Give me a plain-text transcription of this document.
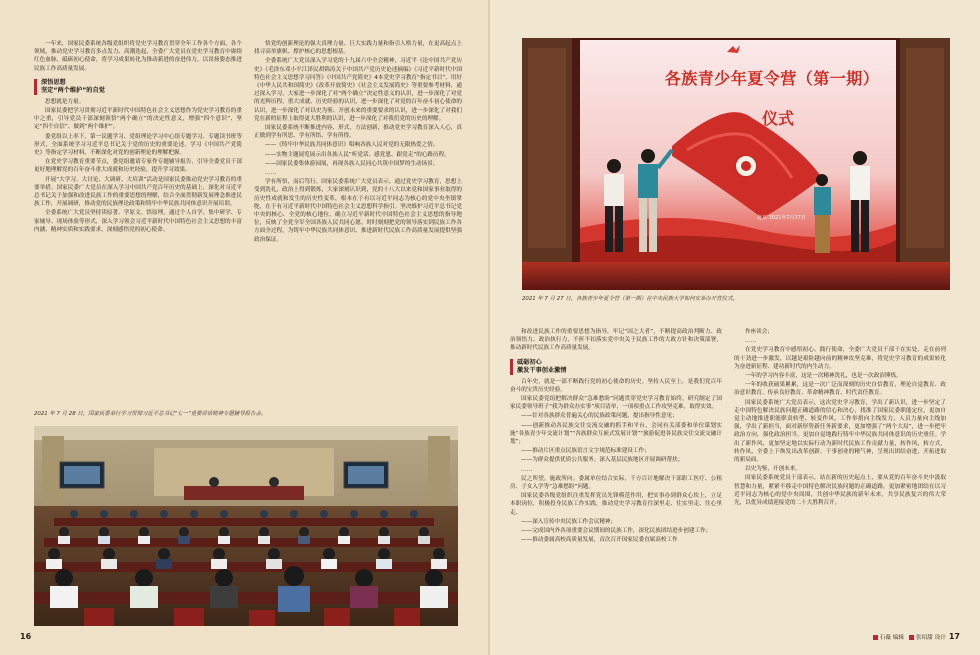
一年来，国家民委系统各级党组织将党史学习教育贯穿全年工作各个方面、各个领域，推动党史学习教育多点发力、高潮迭起，全委广大党员在党史学习教育中赓续红色血脉、砥砺初心使命，将学习成果转化为推动新进的奋进伟力，以昂扬姿态推进民族工作高质量发展。

深悟思想
坚定“两个维护”的自觉

思想就是力量。

国家民委把学习贯彻习近平新时代中国特色社会主义思想作为党史学习教育的重中之重，引导党员干部深刻领悟“两个确立”的决定性意义，增强“四个意识”、坚定“四个自信”、做到“两个维护”。

委党组以上率下，第一议题学习、党组理论学习中心组专题学习、专题读书班等形式，全面系统学习习近平总书记关于党的历史的重要论述，学习《中国共产党简史》等指定学习材料，不断深化对党的创新理论的理解把握。

在党史学习教育重要节点，委党组邀请专家作专题辅导报告，引导全委党员干部更好地理解党的百年奋斗重大成就和历史经验，提升学习效果。

开展“大学习、大讨论、大调研、大培训”活动是国家民委推动党史学习教育的重要举措。国家民委广大党员在深入学习中国共产党百年历史的基础上，深化对习近平总书记关于加强和改进民族工作的重要思想的理解，结合全面贯彻新发展理念推进民族工作，开展调研，推动党的民族理论政策和铸牢中华民族共同体意识开展培训。

全委系统广大党员坚持读原著、学原文、悟原理，通过个人自学、集中研学、专家辅导、现场体验等形式，深入学习领会习近平新时代中国特色社会主义思想的丰富内涵、精神实质和实践要求，深刻感悟党的初心使命。

悟党的创新理论的强大真理力量、巨大实践力量和指引人格力量，在更高起点上找寻高举旗帜、撑护核心的思想根基。

全委系统广大党员深入学习党的十九届六中全会精神，习近平《论中国共产党历史》《毛泽东邓小平江泽民胡锦涛关于中国共产党历史论述摘编》《习近平新时代中国特色社会主义思想学习问答》《中国共产党简史》4本党史学习教育“指定书目”，用好《中华人民共和国简史》《改革开放简史》《社会主义发展简史》等重要参考材料，通过深入学习，大家进一步深化了对“两个确立”决定性意义的认识，进一步深化了对党的光辉历程、重大成就、历史经验的认识，进一步深化了对党的百年奋斗初心使命的认识，进一步深化了对以史为鉴、开创未来的重要要求的认识，进一步深化了对我们党在新的征程上取得更大胜利的认识，进一步深化了对我们党的历史的理解。

国家民委系统不断推进内容、形式、方法创新，推动党史学习教育深入人心，真正做到学有所思、学有所悟、学有所得。

——《铸牢中华民族共同体意识》唱响各族人民对党的无限热爱之情。

——实物主题展览展示出各族人民“听党话、感党恩、跟党走”的心路历程。

——国家民委集体游园展，再现各族人民同心共筑中国梦的生动场景。

……

学有所悟，而后笃行。国家民委系统广大党员表示，通过党史学习教育，思想上受到洗礼，政治上得到锻炼，大家深刻认识到，党的十八大以来党和国家事业取得的历史性成就和发生的历史性变革，根本在于有以习近平同志为核心的党中央坐镇掌舵，在于有习近平新时代中国特色社会主义思想科学指引。坚决维护习近平总书记党中央的核心、全党的核心地位，确立习近平新时代中国特色社会主义思想的指导地位，反映了全党全军全国各族人民共同心愿。时时刻刻把党的领导落实到民族工作各方面全过程，为铸牢中华民族共同体意识、推进新时代民族工作高质量发展提供坚强政治保证。

2021 年 7 月 28 日，国家民委举行学习贯彻习近平总书记“七一”重要讲话精神专题辅导报告会。
16
各族青少年夏令营（第一期）
仪式
北京·2021年7月27日
2021 年 7 月 27 日，各族青少年夏令营（第一期）在中央民族大学如何安举办开营仪式。

和改进民族工作的重要思想为指导，牢记“国之大者”，不断提高政治判断力、政治领悟力、政治执行力，不折不扣落实党中央关于民族工作的大政方针和决策部署，推动新时代民族工作高质量发展。

砥砺初心
激发干事创业激情

百年史，就是一部不断践行党的初心使命的历史。坚持人民至上，是我们党百年奋斗的宝贵历史经验。

国家民委党组把解决群众“急难愁盼”问题贯穿党史学习教育始终，研究制定了国家民委领导班子“我为群众办实事”项目清单，一项项重点工作攻坚克难，取得实效。

——针对各族群众普遍关心的民族政策问题，提出指导性意见；

——创新推动各民族交往交流交融的抓手和平台，会同有关部委和单位谋划实施“各族青少年交流计划”“各族群众互嵌式发展计划”“旅游促进各民族交往交流交融计划”；

——推动片区重点民族语言文字规范标准建设工作；

——为群众提供优质公共服务、深入基层民族地区开展调研帮扶；

……

民之所望，施政所向。委属单位结合实际，千方百计地解决干部职工医疗、公租房、子女入学等“急难愁盼”问题。

国家民委各级党组织注重发挥党员先锋模范作用，把实事办到群众心坎上，立足本职岗位，积极投身民族工作实践，推动党史学习教育往深里走、往实里走、往心里走。

——深入宣传中央民族工作会议精神；

——完成国内外各项重要会议期间的民族工作，深化民族团结进步创建工作；

——推动委属高校高质量发展，首次召开国家民委直属高校工作

作座谈会；

……

在党史学习教育中感悟初心、践行使命，全委广大党员干部干在实处、走在前列的干劲进一步激发，以越是艰险越向前的精神攻坚克难，将党史学习教育的成果转化为奋进新征程、建功新时代的内生动力。

一年的学习内容丰富，这是一次精神洗礼，也是一次政治锤炼。

一年的收获硕果累累，这是一次广泛而深刻的历史自信教育，理论自觉教育、政治意识教育、传承良好教育、革命精神教育、时代责任教育。

国家民委系统广大党员表示，这次党史学习教育，学出了新认识，进一步坚定了走中国特色解决民族问题正确道路的信心和决心，找准了国家民委职能定位，更加自觉主动地推进职能职责转型、转变作风，工作举措向主线发力，人员力量向主线加强，学出了新担当，面对新形势新任务新要求，更加增强了“两个大局”，进一步把牢政治方向，强化政治担当，更加自觉地践行铸牢中华民族共同体意识的历史重任。学出了新作风，更加坚定地以实际行动为新时代民族工作贡献力量，转作风，转方式，转作风、全委上下焕发出改革创新、干事创业的精气神，呈现出团结奋进、开拓进取的新局面。

以史为鉴，开创未来。

国家民委系统党员干部表示，站在新的历史起点上，要从党的百年奋斗史中汲取智慧和力量，紧紧不移走中国特色解决民族问题的正确道路，更加紧密地团结在以习近平同志为核心的党中央周围，共创中华民族的新年未来，共享民族复兴的伟大荣光，以优异成绩迎接党的二十大胜利召开。

石薇 编辑 张绍甜 设计 17
